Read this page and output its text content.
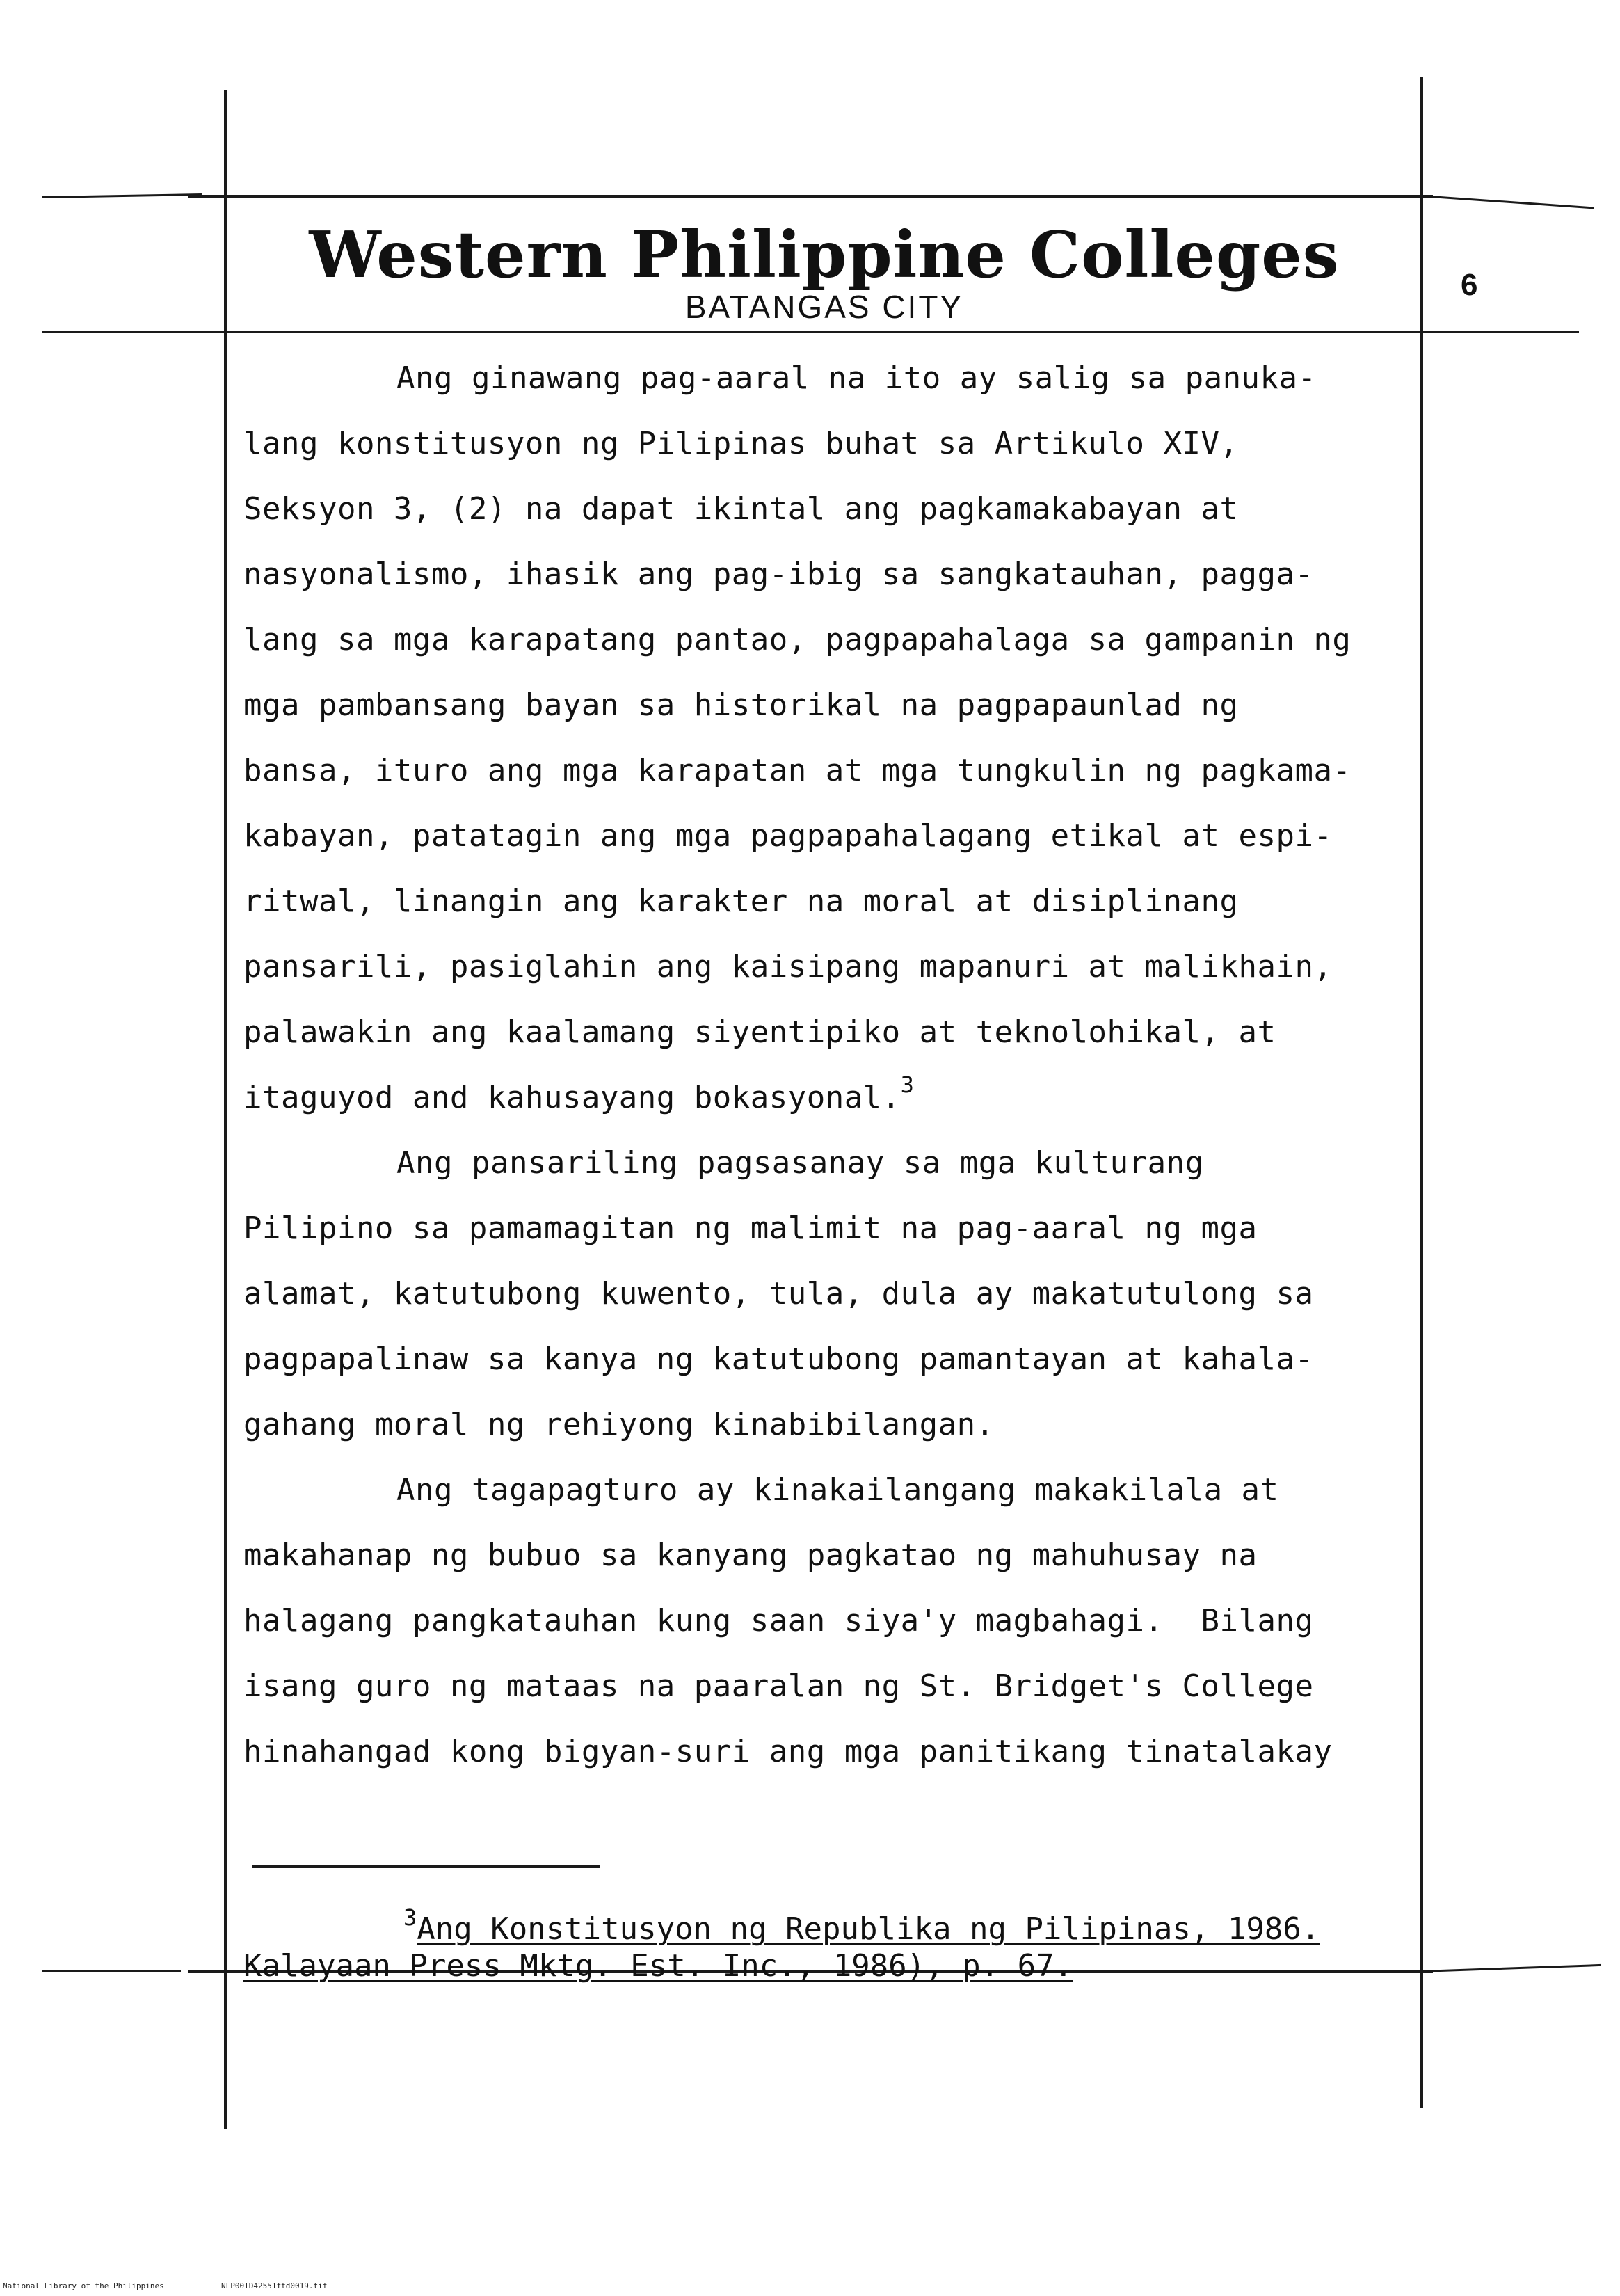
Western Philippine Colleges
BATANGAS CITY
6
Ang ginawang pag-aaral na ito ay salig sa panuka-
lang konstitusyon ng Pilipinas buhat sa Artikulo XIV,
Seksyon 3, (2) na dapat ikintal ang pagkamakabayan at
nasyonalismo, ihasik ang pag-ibig sa sangkatauhan, pagga-
lang sa mga karapatang pantao, pagpapahalaga sa gampanin ng
mga pambansang bayan sa historikal na pagpapaunlad ng
bansa, ituro ang mga karapatan at mga tungkulin ng pagkama-
kabayan, patatagin ang mga pagpapahalagang etikal at espi-
ritwal, linangin ang karakter na moral at disiplinang
pansarili, pasiglahin ang kaisipang mapanuri at malikhain,
palawakin ang kaalamang siyentipiko at teknolohikal, at
itaguyod and kahusayang bokasyonal.$^3$
Ang pansariling pagsasanay sa mga kulturang
Pilipino sa pamamagitan ng malimit na pag-aaral ng mga
alamat, katutubong kuwento, tula, dula ay makatutulong sa
pagpapalinaw sa kanya ng katutubong pamantayan at kahala-
gahang moral ng rehiyong kinabibilangan.
Ang tagapagturo ay kinakailangang makakilala at
makahanap ng bubuo sa kanyang pagkatao ng mahuhusay na
halagang pangkatauhan kung saan siya'y magbahagi.  Bilang
isang guro ng mataas na paaralan ng St. Bridget's College
hinahangad kong bigyan-suri ang mga panitikang tinatalakay
3Ang Konstitusyon ng Republika ng Pilipinas, 1986.
Kalayaan Press Mktg. Est. Inc., 1986), p. 67.
National Library of the Philippines	NLP00TD42551ftd0019.tif
